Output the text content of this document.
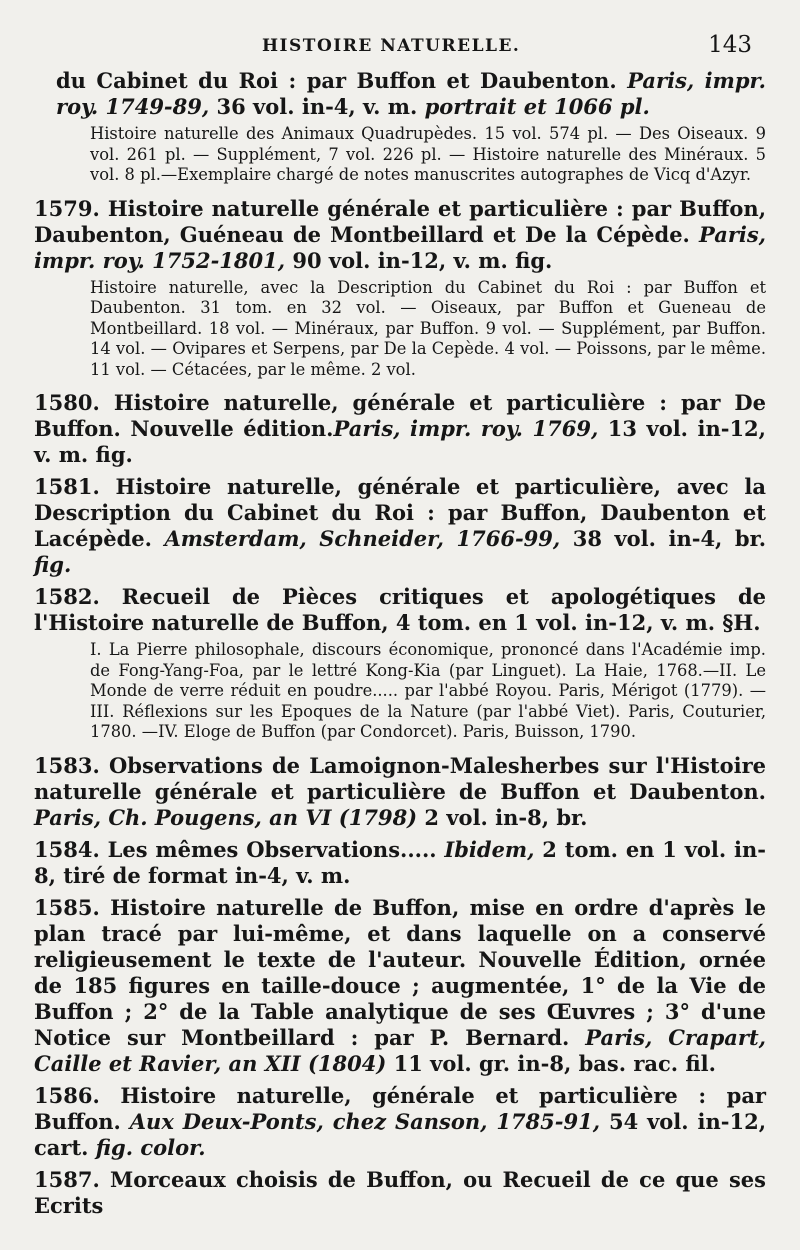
HISTOIRE NATURELLE.	143
du Cabinet du Roi : par Buffon et Daubenton. Paris, impr. roy. 1749-89, 36 vol. in-4, v. m. portrait et 1066 pl.
Histoire naturelle des Animaux Quadrupèdes. 15 vol. 574 pl. — Des Oiseaux. 9 vol. 261 pl. — Supplément, 7 vol. 226 pl. — Histoire naturelle des Minéraux. 5 vol. 8 pl.—Exemplaire chargé de notes manuscrites autographes de Vicq d'Azyr.
1579. Histoire naturelle générale et particulière : par Buffon, Daubenton, Guéneau de Montbeillard et De la Cépède. Paris, impr. roy. 1752-1801, 90 vol. in-12, v. m. fig.
Histoire naturelle, avec la Description du Cabinet du Roi : par Buffon et Daubenton. 31 tom. en 32 vol. — Oiseaux, par Buffon et Gueneau de Montbeillard. 18 vol. — Minéraux, par Buffon. 9 vol. — Supplément, par Buffon. 14 vol. — Ovipares et Serpens, par De la Cepède. 4 vol. — Poissons, par le même. 11 vol. — Cétacées, par le même. 2 vol.
1580. Histoire naturelle, générale et particulière : par De Buffon. Nouvelle édition.Paris, impr. roy. 1769, 13 vol. in-12, v. m. fig.
1581. Histoire naturelle, générale et particulière, avec la Description du Cabinet du Roi : par Buffon, Daubenton et Lacépède. Amsterdam, Schneider, 1766-99, 38 vol. in-4, br. fig.
1582. Recueil de Pièces critiques et apologétiques de l'Histoire naturelle de Buffon, 4 tom. en 1 vol. in-12, v. m. §H.
I. La Pierre philosophale, discours économique, prononcé dans l'Académie imp. de Fong-Yang-Foa, par le lettré Kong-Kia (par Linguet). La Haie, 1768.—II. Le Monde de verre réduit en poudre..... par l'abbé Royou. Paris, Mérigot (1779). — III. Réflexions sur les Epoques de la Nature (par l'abbé Viet). Paris, Couturier, 1780. —IV. Eloge de Buffon (par Condorcet). Paris, Buisson, 1790.
1583. Observations de Lamoignon-Malesherbes sur l'Histoire naturelle générale et particulière de Buffon et Daubenton. Paris, Ch. Pougens, an VI (1798) 2 vol. in-8, br.
1584. Les mêmes Observations..... Ibidem, 2 tom. en 1 vol. in-8, tiré de format in-4, v. m.
1585. Histoire naturelle de Buffon, mise en ordre d'après le plan tracé par lui-même, et dans laquelle on a conservé religieusement le texte de l'auteur. Nouvelle Édition, ornée de 185 figures en taille-douce ; augmentée, 1° de la Vie de Buffon ; 2° de la Table analytique de ses Œuvres ; 3° d'une Notice sur Montbeillard : par P. Bernard. Paris, Crapart, Caille et Ravier, an XII (1804) 11 vol. gr. in-8, bas. rac. fil.
1586. Histoire naturelle, générale et particulière : par Buffon. Aux Deux-Ponts, chez Sanson, 1785-91, 54 vol. in-12, cart. fig. color.
1587. Morceaux choisis de Buffon, ou Recueil de ce que ses Ecrits
